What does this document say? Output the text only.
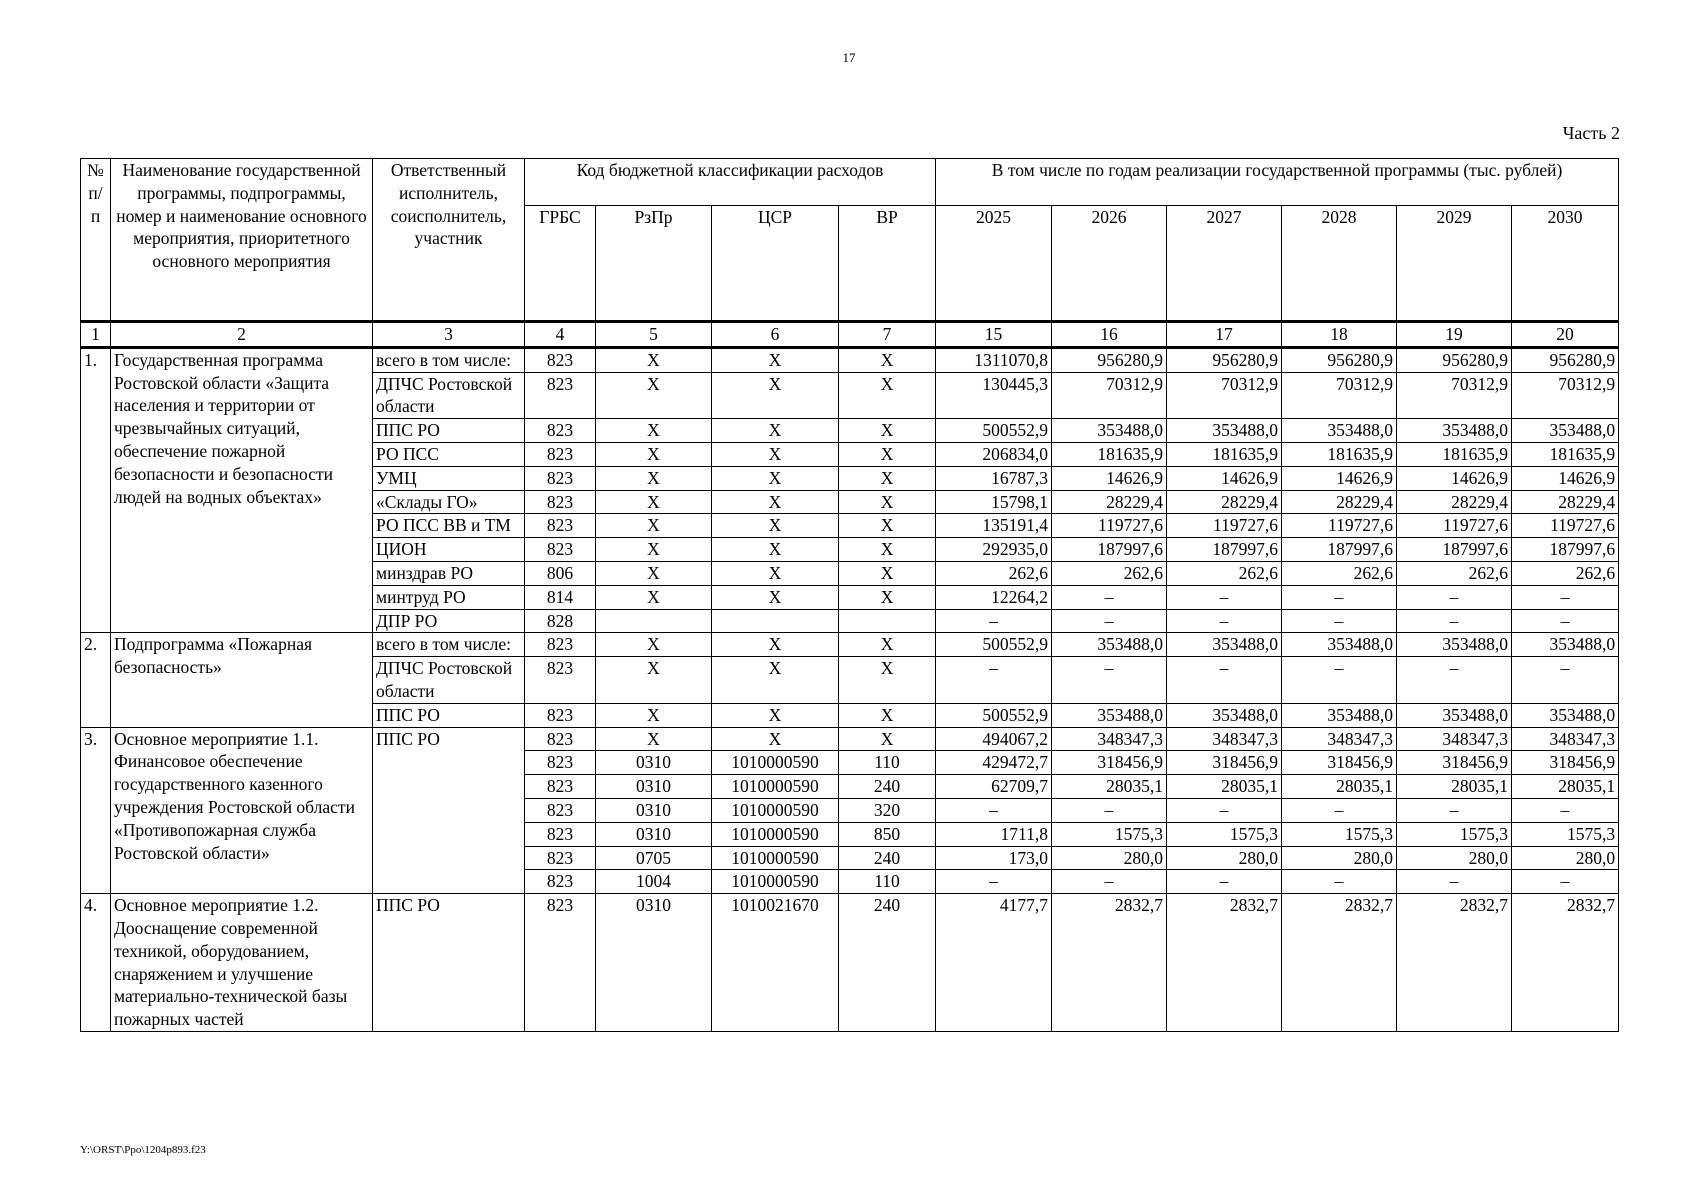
17
Часть 2
№ п/п	Наименование государственной программы, подпрограммы, номер и наименование основного мероприятия, приоритетного основного мероприятия	Ответственный исполнитель, соисполнитель, участник	Код бюджетной классификации расходов				В том числе по годам реализации государственной программы (тыс. рублей)					
			ГРБС	РзПр	ЦСР	ВР	2025	2026	2027	2028	2029	2030
1	2	3	4	5	6	7	15	16	17	18	19	20
1.	Государственная программа Ростовской области «Защита населения и территории от чрезвычайных ситуаций, обеспечение пожарной безопасности и безопасности людей на водных объектах»	всего в том числе:	823	X	X	X	1311070,8	956280,9	956280,9	956280,9	956280,9	956280,9
		ДПЧС Ростовской области	823	X	X	X	130445,3	70312,9	70312,9	70312,9	70312,9	70312,9
		ППС РО	823	X	X	X	500552,9	353488,0	353488,0	353488,0	353488,0	353488,0
		РО ПСС	823	X	X	X	206834,0	181635,9	181635,9	181635,9	181635,9	181635,9
		УМЦ	823	X	X	X	16787,3	14626,9	14626,9	14626,9	14626,9	14626,9
		«Склады ГО»	823	X	X	X	15798,1	28229,4	28229,4	28229,4	28229,4	28229,4
		РО ПСС ВВ и ТМ	823	X	X	X	135191,4	119727,6	119727,6	119727,6	119727,6	119727,6
		ЦИОН	823	X	X	X	292935,0	187997,6	187997,6	187997,6	187997,6	187997,6
		минздрав РО	806	X	X	X	262,6	262,6	262,6	262,6	262,6	262,6
		минтруд РО	814	X	X	X	12264,2	–	–	–	–	–
		ДПР РО	828				–	–	–	–	–	–
2.	Подпрограмма «Пожарная безопасность»	всего в том числе:	823	X	X	X	500552,9	353488,0	353488,0	353488,0	353488,0	353488,0
		ДПЧС Ростовской области	823	X	X	X	–	–	–	–	–	–
		ППС РО	823	X	X	X	500552,9	353488,0	353488,0	353488,0	353488,0	353488,0
3.	Основное мероприятие 1.1. Финансовое обеспечение государственного казенного учреждения Ростовской области «Противопожарная служба Ростовской области»	ППС РО	823	X	X	X	494067,2	348347,3	348347,3	348347,3	348347,3	348347,3
			823	0310	1010000590	110	429472,7	318456,9	318456,9	318456,9	318456,9	318456,9
			823	0310	1010000590	240	62709,7	28035,1	28035,1	28035,1	28035,1	28035,1
			823	0310	1010000590	320	–	–	–	–	–	–
			823	0310	1010000590	850	1711,8	1575,3	1575,3	1575,3	1575,3	1575,3
			823	0705	1010000590	240	173,0	280,0	280,0	280,0	280,0	280,0
			823	1004	1010000590	110	–	–	–	–	–	–
4.	Основное мероприятие 1.2. Дооснащение современной техникой, оборудованием, снаряжением и улучшение материально-технической базы пожарных частей	ППС РО	823	0310	1010021670	240	4177,7	2832,7	2832,7	2832,7	2832,7	2832,7
Y:\ORST\Ppo\1204p893.f23
